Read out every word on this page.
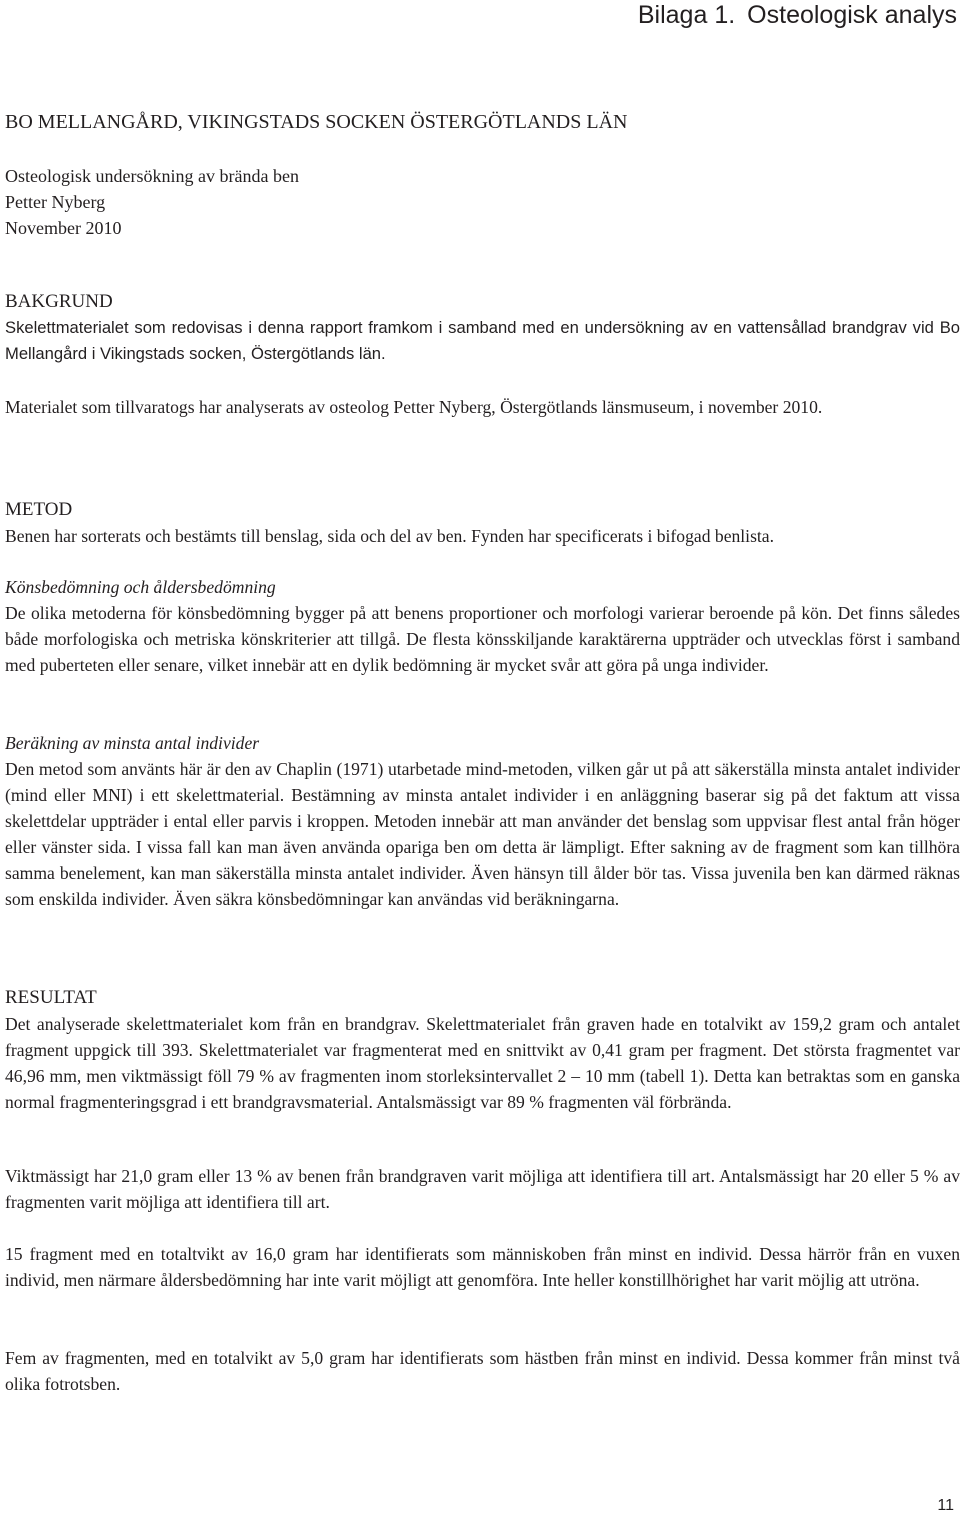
Bilaga 1. Osteologisk analys
BO MELLANGÅRD, VIKINGSTADS SOCKEN ÖSTERGÖTLANDS LÄN
Osteologisk undersökning av brända ben
Petter Nyberg
November 2010
BAKGRUND

Skelettmaterialet som redovisas i denna rapport framkom i samband med en undersökning av en vattensållad brandgrav vid Bo Mellangård i Vikingstads socken, Östergötlands län.

Materialet som tillvaratogs har analyserats av osteolog Petter Nyberg, Östergötlands länsmuseum, i november 2010.

METOD

Benen har sorterats och bestämts till benslag, sida och del av ben. Fynden har specificerats i bifogad benlista.

Könsbedömning och åldersbedömning

De olika metoderna för könsbedömning bygger på att benens proportioner och morfologi varierar beroende på kön. Det finns således både morfologiska och metriska könskriterier att tillgå. De flesta könsskiljande karaktärerna uppträder och utvecklas först i samband med puberteten eller senare, vilket innebär att en dylik bedömning är mycket svår att göra på unga individer.

Beräkning av minsta antal individer

Den metod som använts här är den av Chaplin (1971) utarbetade mind-metoden, vilken går ut på att säkerställa minsta antalet individer (mind eller MNI) i ett skelettmaterial. Bestämning av minsta antalet individer i en anläggning baserar sig på det faktum att vissa skelettdelar uppträder i ental eller parvis i kroppen. Metoden innebär att man använder det benslag som uppvisar flest antal från höger eller vänster sida. I vissa fall kan man även använda oparigа ben om detta är lämpligt. Efter sakning av de fragment som kan tillhöra samma benelement, kan man säkerställa minsta antalet individer. Även hänsyn till ålder bör tas. Vissa juvenila ben kan därmed räknas som enskilda individer. Även säkra könsbedömningar kan användas vid beräkningarna.

RESULTAT

Det analyserade skelettmaterialet kom från en brandgrav. Skelettmaterialet från graven hade en totalvikt av 159,2 gram och antalet fragment uppgick till 393. Skelettmaterialet var fragmenterat med en snittvikt av 0,41 gram per fragment. Det största fragmentet var 46,96 mm, men viktmässigt föll 79 % av fragmenten inom storleksintervallet 2 – 10 mm (tabell 1). Detta kan betraktas som en ganska normal fragmenteringsgrad i ett brandgravsmaterial. Antalsmässigt var 89 % fragmenten väl förbrända.

Viktmässigt har 21,0 gram eller 13 % av benen från brandgraven varit möjliga att identifiera till art. Antalsmässigt har 20 eller 5 % av fragmenten varit möjliga att identifiera till art.

15 fragment med en totaltvikt av 16,0 gram har identifierats som människoben från minst en individ. Dessa härrör från en vuxen individ, men närmare åldersbedömning har inte varit möjligt att genomföra. Inte heller konstillhörighet har varit möjlig att utröna.

Fem av fragmenten, med en totalvikt av 5,0 gram har identifierats som hästben från minst en individ. Dessa kommer från minst två olika fotrotsben.

11
